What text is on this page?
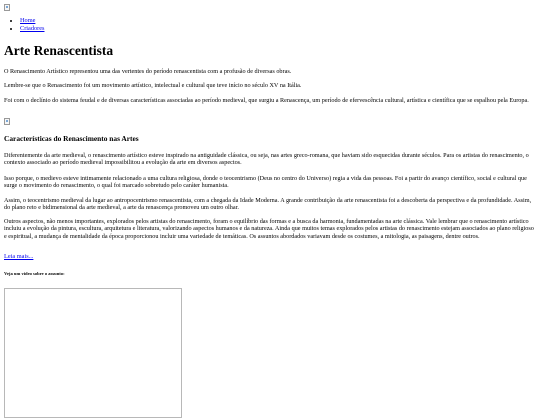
• Home
• Criadores
Arte Renascentista

O Renascimento Artístico representou uma das vertentes do período renascentista com a profusão de diversas obras.

Lembre-se que o Renascimento foi um movimento artístico, intelectual e cultural que teve início no século XV na Itália.

Foi com o declínio do sistema feudal e de diversas características associadas ao período medieval, que surgiu a Renascença, um período de efervescência cultural, artística e científica que se espalhou pela Europa.

Características do Renascimento nas Artes

Diferentemente da arte medieval, o renascimento artístico esteve inspirado na antiguidade clássica, ou seja, nas artes greco-romana, que haviam sido esquecidas durante séculos. Para os artistas do renascimento, o contexto associado ao período medieval impossibilitou a evolução da arte em diversos aspectos.

Isso porque, o medievo esteve intimamente relacionado a uma cultura religiosa, donde o teocentrismo (Deus no centro do Universo) regia a vida das pessoas. Foi a partir do avanço científico, social e cultural que surge o movimento do renascimento, o qual foi marcado sobretudo pelo caráter humanista.

Assim, o teocentrismo medieval da lugar ao antropocentrismo renascentista, com a chegada da Idade Moderna. A grande contribuição da arte renascentista foi a descoberta da perspectiva e da profundidade. Assim, do plano reto e bidimensional da arte medieval, a arte da renascença promoveu um outro olhar.

Outros aspectos, não menos importantes, explorados pelos artistas do renascimento, foram o equilíbrio das formas e a busca da harmonia, fundamentadas na arte clássica. Vale lembrar que o renascimento artístico incluiu a evolução da pintura, escultura, arquitetura e literatura, valorizando aspectos humanos e da natureza. Ainda que muitos temas explorados pelos artistas do renascimento estejam associados ao plano religioso e espiritual, a mudança de mentalidade da época proporcionou incluir uma variedade de temáticas. Os assuntos abordados variavam desde os costumes, a mitologia, as paisagens, dentre outros.

Leia mais...
Veja um vídeo sobre o assunto:
